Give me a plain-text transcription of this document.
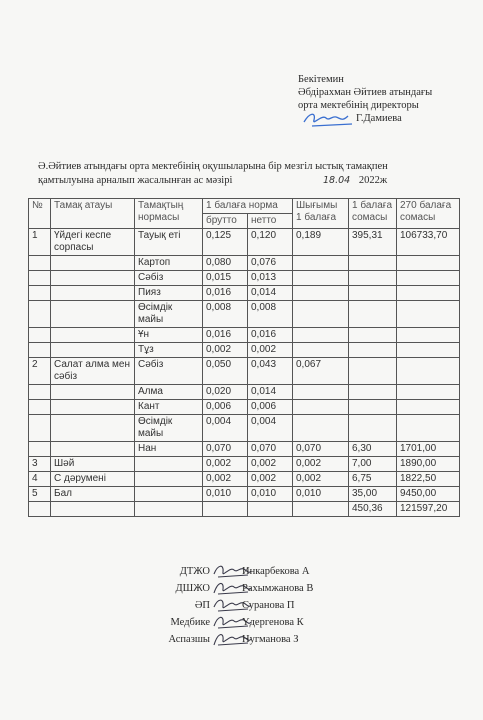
Бекітемин
Әбдірахман Әйтиев атындағы
орта мектебінің директоры
Г.Дамиева
Ә.Әйтиев атындағы орта мектебінің оқушыларына бір мезгіл ыстық тамақпен
қамтылуына арналып жасалынған ас мәзірі	18.04 2022ж
№	Тамақ атауы	Тамақтың нормасы	1 балаға норма		Шығымы 1 балаға	1 балаға сомасы	270 балаға сомасы
			брутто	нетто			
1	Үйдегі кеспе сорпасы	Тауық еті	0,125	0,120	0,189	395,31	106733,70
		Картоп	0,080	0,076			
		Сәбіз	0,015	0,013			
		Пияз	0,016	0,014			
		Өсімдік майы	0,008	0,008			
		Ұн	0,016	0,016			
		Тұз	0,002	0,002			
2	Салат алма мен сәбіз	Сәбіз	0,050	0,043	0,067		
		Алма	0,020	0,014			
		Кант	0,006	0,006			
		Өсімдік майы	0,004	0,004			
		Нан	0,070	0,070	0,070	6,30	1701,00
3	Шәй		0,002	0,002	0,002	7,00	1890,00
4	С дәрумені		0,002	0,002	0,002	6,75	1822,50
5	Бал		0,010	0,010	0,010	35,00	9450,00
						450,36	121597,20
ДТЖО	Инкарбекова А
ДШЖО	Рахымжанова В
ӘП	Суранова П
Медбике	Үдергенова К
Аспазшы	Нугманова З
